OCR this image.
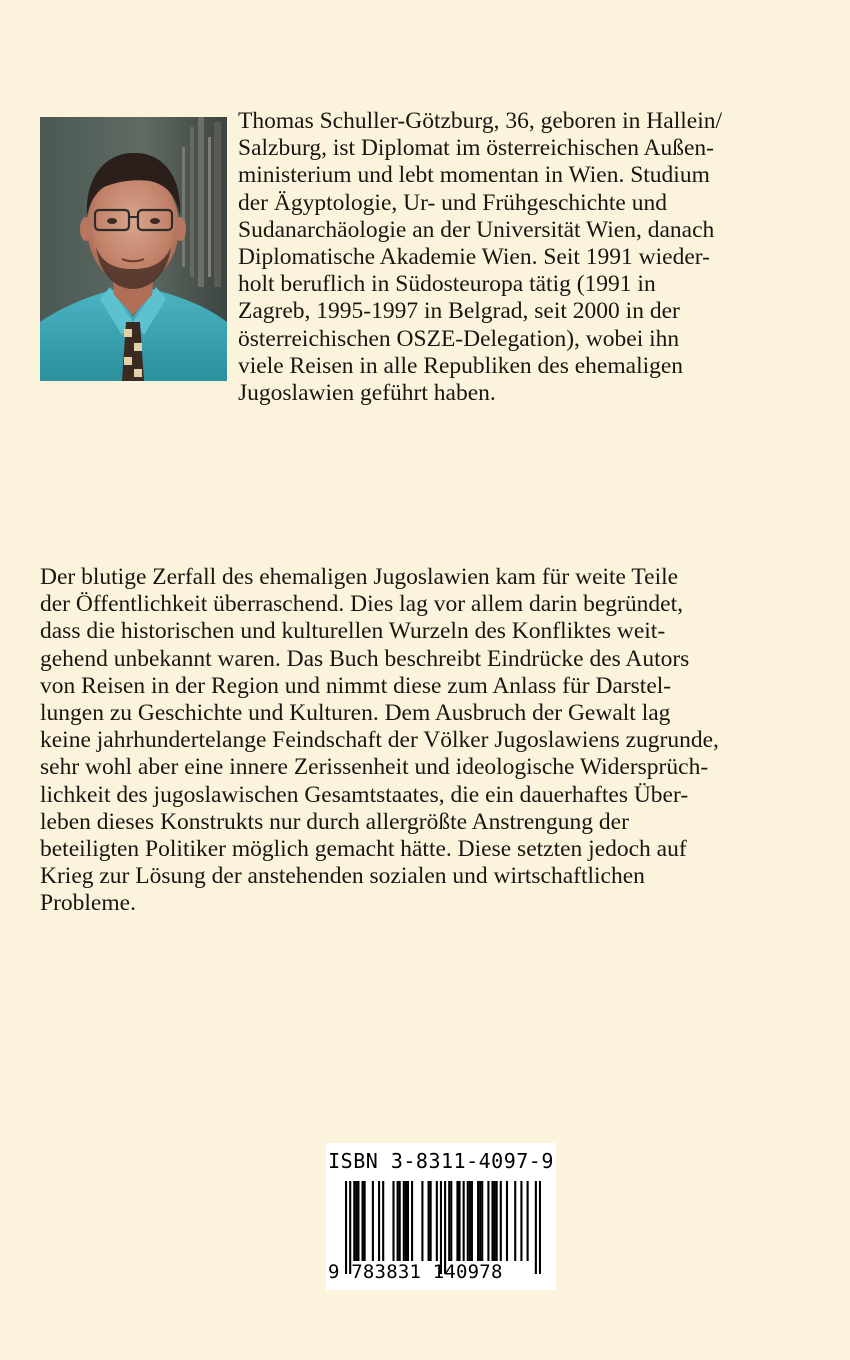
Thomas Schuller-Götzburg, 36, geboren in Hallein/
Salzburg, ist Diplomat im österreichischen Außen-
ministerium und lebt momentan in Wien. Studium
der Ägyptologie, Ur- und Frühgeschichte und
Sudanarchäologie an der Universität Wien, danach
Diplomatische Akademie Wien. Seit 1991 wieder-
holt beruflich in Südosteuropa tätig (1991 in
Zagreb, 1995-1997 in Belgrad, seit 2000 in der
österreichischen OSZE-Delegation), wobei ihn
viele Reisen in alle Republiken des ehemaligen
Jugoslawien geführt haben.
Der blutige Zerfall des ehemaligen Jugoslawien kam für weite Teile
der Öffentlichkeit überraschend. Dies lag vor allem darin begründet,
dass die historischen und kulturellen Wurzeln des Konfliktes weit-
gehend unbekannt waren. Das Buch beschreibt Eindrücke des Autors
von Reisen in der Region und nimmt diese zum Anlass für Darstel-
lungen zu Geschichte und Kulturen. Dem Ausbruch der Gewalt lag
keine jahrhundertelange Feindschaft der Völker Jugoslawiens zugrunde,
sehr wohl aber eine innere Zerissenheit und ideologische Widersprüch-
lichkeit des jugoslawischen Gesamtstaates, die ein dauerhaftes Über-
leben dieses Konstrukts nur durch allergrößte Anstrengung der
beteiligten Politiker möglich gemacht hätte. Diese setzten jedoch auf
Krieg zur Lösung der anstehenden sozialen und wirtschaftlichen
Probleme.
ISBN 3-8311-4097-9
9 783831 140978
